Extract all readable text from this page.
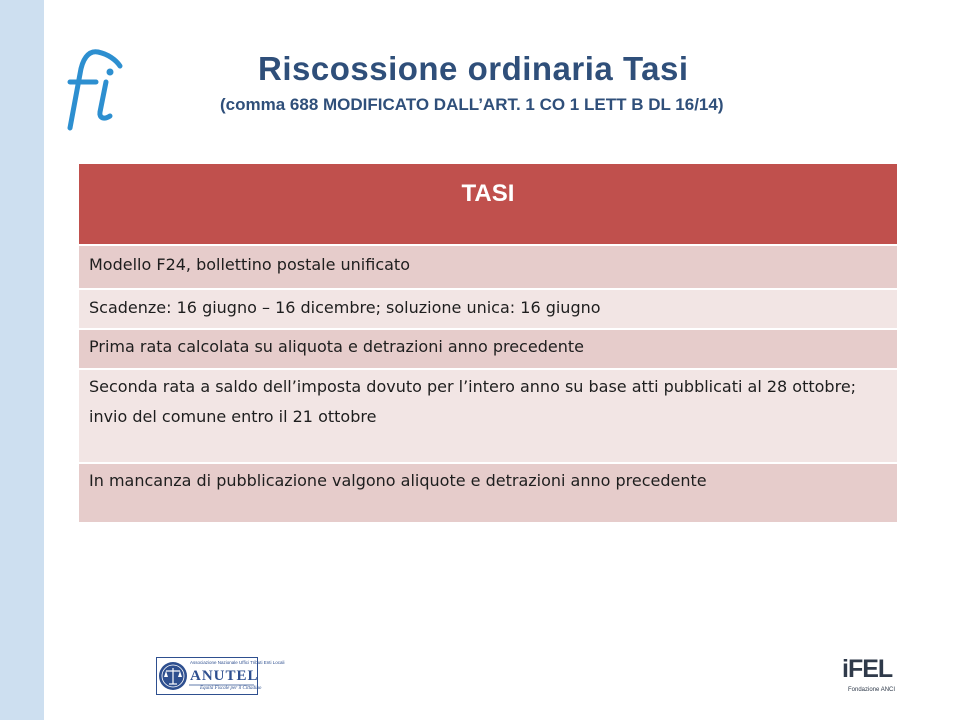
Riscossione ordinaria Tasi
(comma 688 MODIFICATO DALL’ART. 1 CO 1 LETT B DL 16/14)
TASI
Modello F24, bollettino postale unificato
Scadenze: 16 giugno – 16 dicembre; soluzione unica: 16 giugno
Prima rata calcolata su aliquota e detrazioni anno precedente
Seconda rata a saldo dell’imposta dovuto per l’intero anno su base atti pubblicati al 28 ottobre; invio del comune entro il 21 ottobre
In mancanza di pubblicazione valgono aliquote e detrazioni anno precedente
Associazione Nazionale Uffici Tributi Enti Locali
ANUTEL
Equità Fiscale per il Cittadino
iFEL
Fondazione ANCI
